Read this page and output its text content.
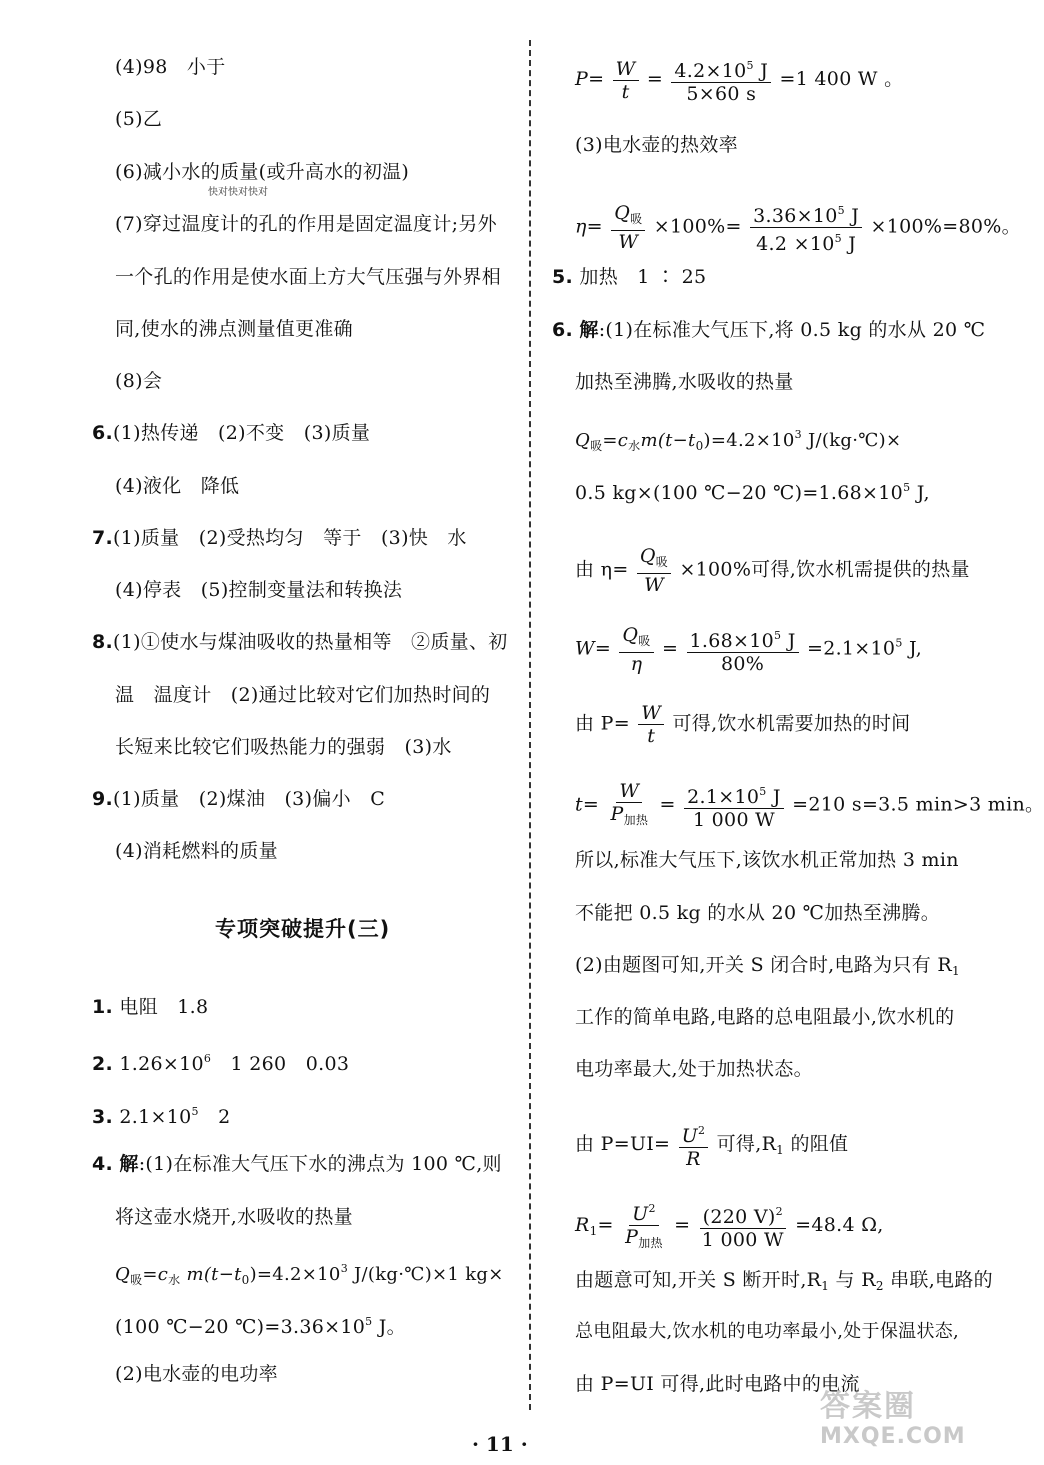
(4)98　小于
(5)乙
(6)减小水的质量(或升高水的初温)
快对快对快对
(7)穿过温度计的孔的作用是固定温度计;另外
一个孔的作用是使水面上方大气压强与外界相
同,使水的沸点测量值更准确
(8)会
6.(1)热传递　(2)不变　(3)质量
(4)液化　降低
7.(1)质量　(2)受热均匀　等于　(3)快　水
(4)停表　(5)控制变量法和转换法
8.(1)①使水与煤油吸收的热量相等　②质量、初
温　温度计　(2)通过比较对它们加热时间的
长短来比较它们吸热能力的强弱　(3)水
9.(1)质量　(2)煤油　(3)偏小　C
(4)消耗燃料的质量
专项突破提升(三)
1. 电阻　1.8
2. $1.26\times 10^6$　1 260　0.03
3. $2.1\times 10^5$　2
4. 解:(1)在标准大气压下水的沸点为 100 ℃,则
将这壶水烧开,水吸收的热量
$Q_吸=c_水$ $m(t-t_0)=4.2\times 10^3$ J/(kg·℃)×1 kg×
(100 ℃−20 $℃)=3.36\times 10^5$ J。
(2)电水壶的电功率
$P= \frac{W}{t} = \frac{4.2\times 10^5 J}{5\times 60 s} =1$ 400 W 。
(3)电水壶的热效率
$\eta= \frac{Q_吸}{W} \times 100\%= \frac{3.36\times 10^5 J}{4.2 \times 10^5 J} \times 100\%=80\%$。
5. 加热　1 ∶ 25
6. 解:(1)在标准大气压下,将 0.5 kg 的水从 20 ℃
加热至沸腾,水吸收的热量
$Q_吸=c_水m(t-t_0)=4.2\times 10^3$ J/(kg·℃)×
0.5 kg×(100 ℃−20 $℃)=1.68\times 10^5$ J,
由 $\eta= \frac{Q_吸}{W} \times 100\%$可得,饮水机需提供的热量
$W= \frac{Q_吸}{\eta} = \frac{1.68\times 10^5 J}{80\%} =2.1\times 10^5$ J,
由 $P= \frac{W}{t}$ 可得,饮水机需要加热的时间
$t= \frac{W}{P_{加热}} = \frac{2.1\times 10^5 J}{1 000 W} =210$ s=3.5 min>3 min。
所以,标准大气压下,该饮水机正常加热 3 min
不能把 0.5 kg 的水从 20 ℃加热至沸腾。
(2)由题图可知,开关 S 闭合时,电路为只有 $R_1$
工作的简单电路,电路的总电阻最小,饮水机的
电功率最大,处于加热状态。
由 $P=UI= \frac{U^2}{R}$ 可得$,R_1$ 的阻值
$R_1= \frac{U^2}{P_{加热}} = \frac{(220 V)^2}{1 000 W} =48.4$ Ω,
由题意可知,开关 S 断开时$,R_1$ 与 $R_2$ 串联,电路的
总电阻最大,饮水机的电功率最小,处于保温状态,
由 P=UI 可得,此时电路中的电流
· 11 ·
答案圈
MXQE.COM
